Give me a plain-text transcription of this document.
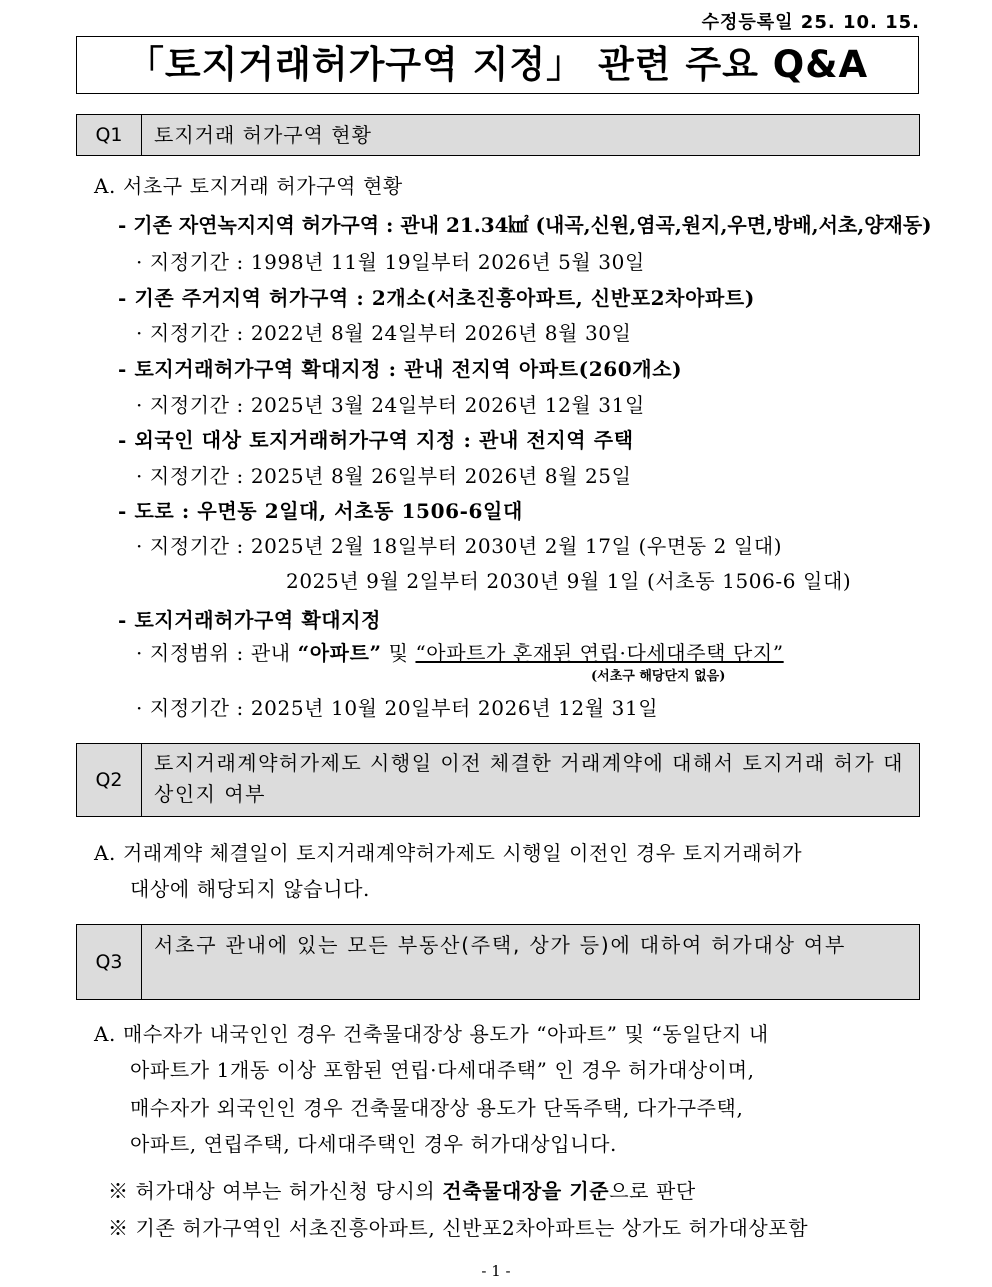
수정등록일 25. 10. 15.
「토지거래허가구역 지정」 관련 주요 Q&A
Q1	토지거래 허가구역 현황
A. 서초구 토지거래 허가구역 현황
- 기존 자연녹지지역 허가구역 : 관내 21.34㎢ (내곡,신원,염곡,원지,우면,방배,서초,양재동)
· 지정기간 : 1998년 11월 19일부터 2026년 5월 30일
- 기존 주거지역 허가구역 : 2개소(서초진흥아파트, 신반포2차아파트)
· 지정기간 : 2022년 8월 24일부터 2026년 8월 30일
- 토지거래허가구역 확대지정 : 관내 전지역 아파트(260개소)
· 지정기간 : 2025년 3월 24일부터 2026년 12월 31일
- 외국인 대상 토지거래허가구역 지정 : 관내 전지역 주택
· 지정기간 : 2025년 8월 26일부터 2026년 8월 25일
- 도로 : 우면동 2일대, 서초동 1506-6일대
· 지정기간 : 2025년 2월 18일부터 2030년 2월 17일 (우면동 2 일대)
2025년 9월 2일부터 2030년 9월 1일 (서초동 1506-6 일대)
- 토지거래허가구역 확대지정
· 지정범위 : 관내 “아파트” 및 “아파트가 혼재된 연립·다세대주택 단지”
(서초구 해당단지 없음)
· 지정기간 : 2025년 10월 20일부터 2026년 12월 31일
Q2
토지거래계약허가제도 시행일 이전 체결한 거래계약에 대해서 토지거래 허가 대상인지 여부
A. 거래계약 체결일이 토지거래계약허가제도 시행일 이전인 경우 토지거래허가
대상에 해당되지 않습니다.
Q3
서초구 관내에 있는 모든 부동산(주택, 상가 등)에 대하여 허가대상 여부
A. 매수자가 내국인인 경우 건축물대장상 용도가 “아파트” 및 “동일단지 내
아파트가 1개동 이상 포함된 연립·다세대주택” 인 경우 허가대상이며,
매수자가 외국인인 경우 건축물대장상 용도가 단독주택, 다가구주택,
아파트, 연립주택, 다세대주택인 경우 허가대상입니다.
※ 허가대상 여부는 허가신청 당시의 건축물대장을 기준으로 판단
※ 기존 허가구역인 서초진흥아파트, 신반포2차아파트는 상가도 허가대상포함
- 1 -
